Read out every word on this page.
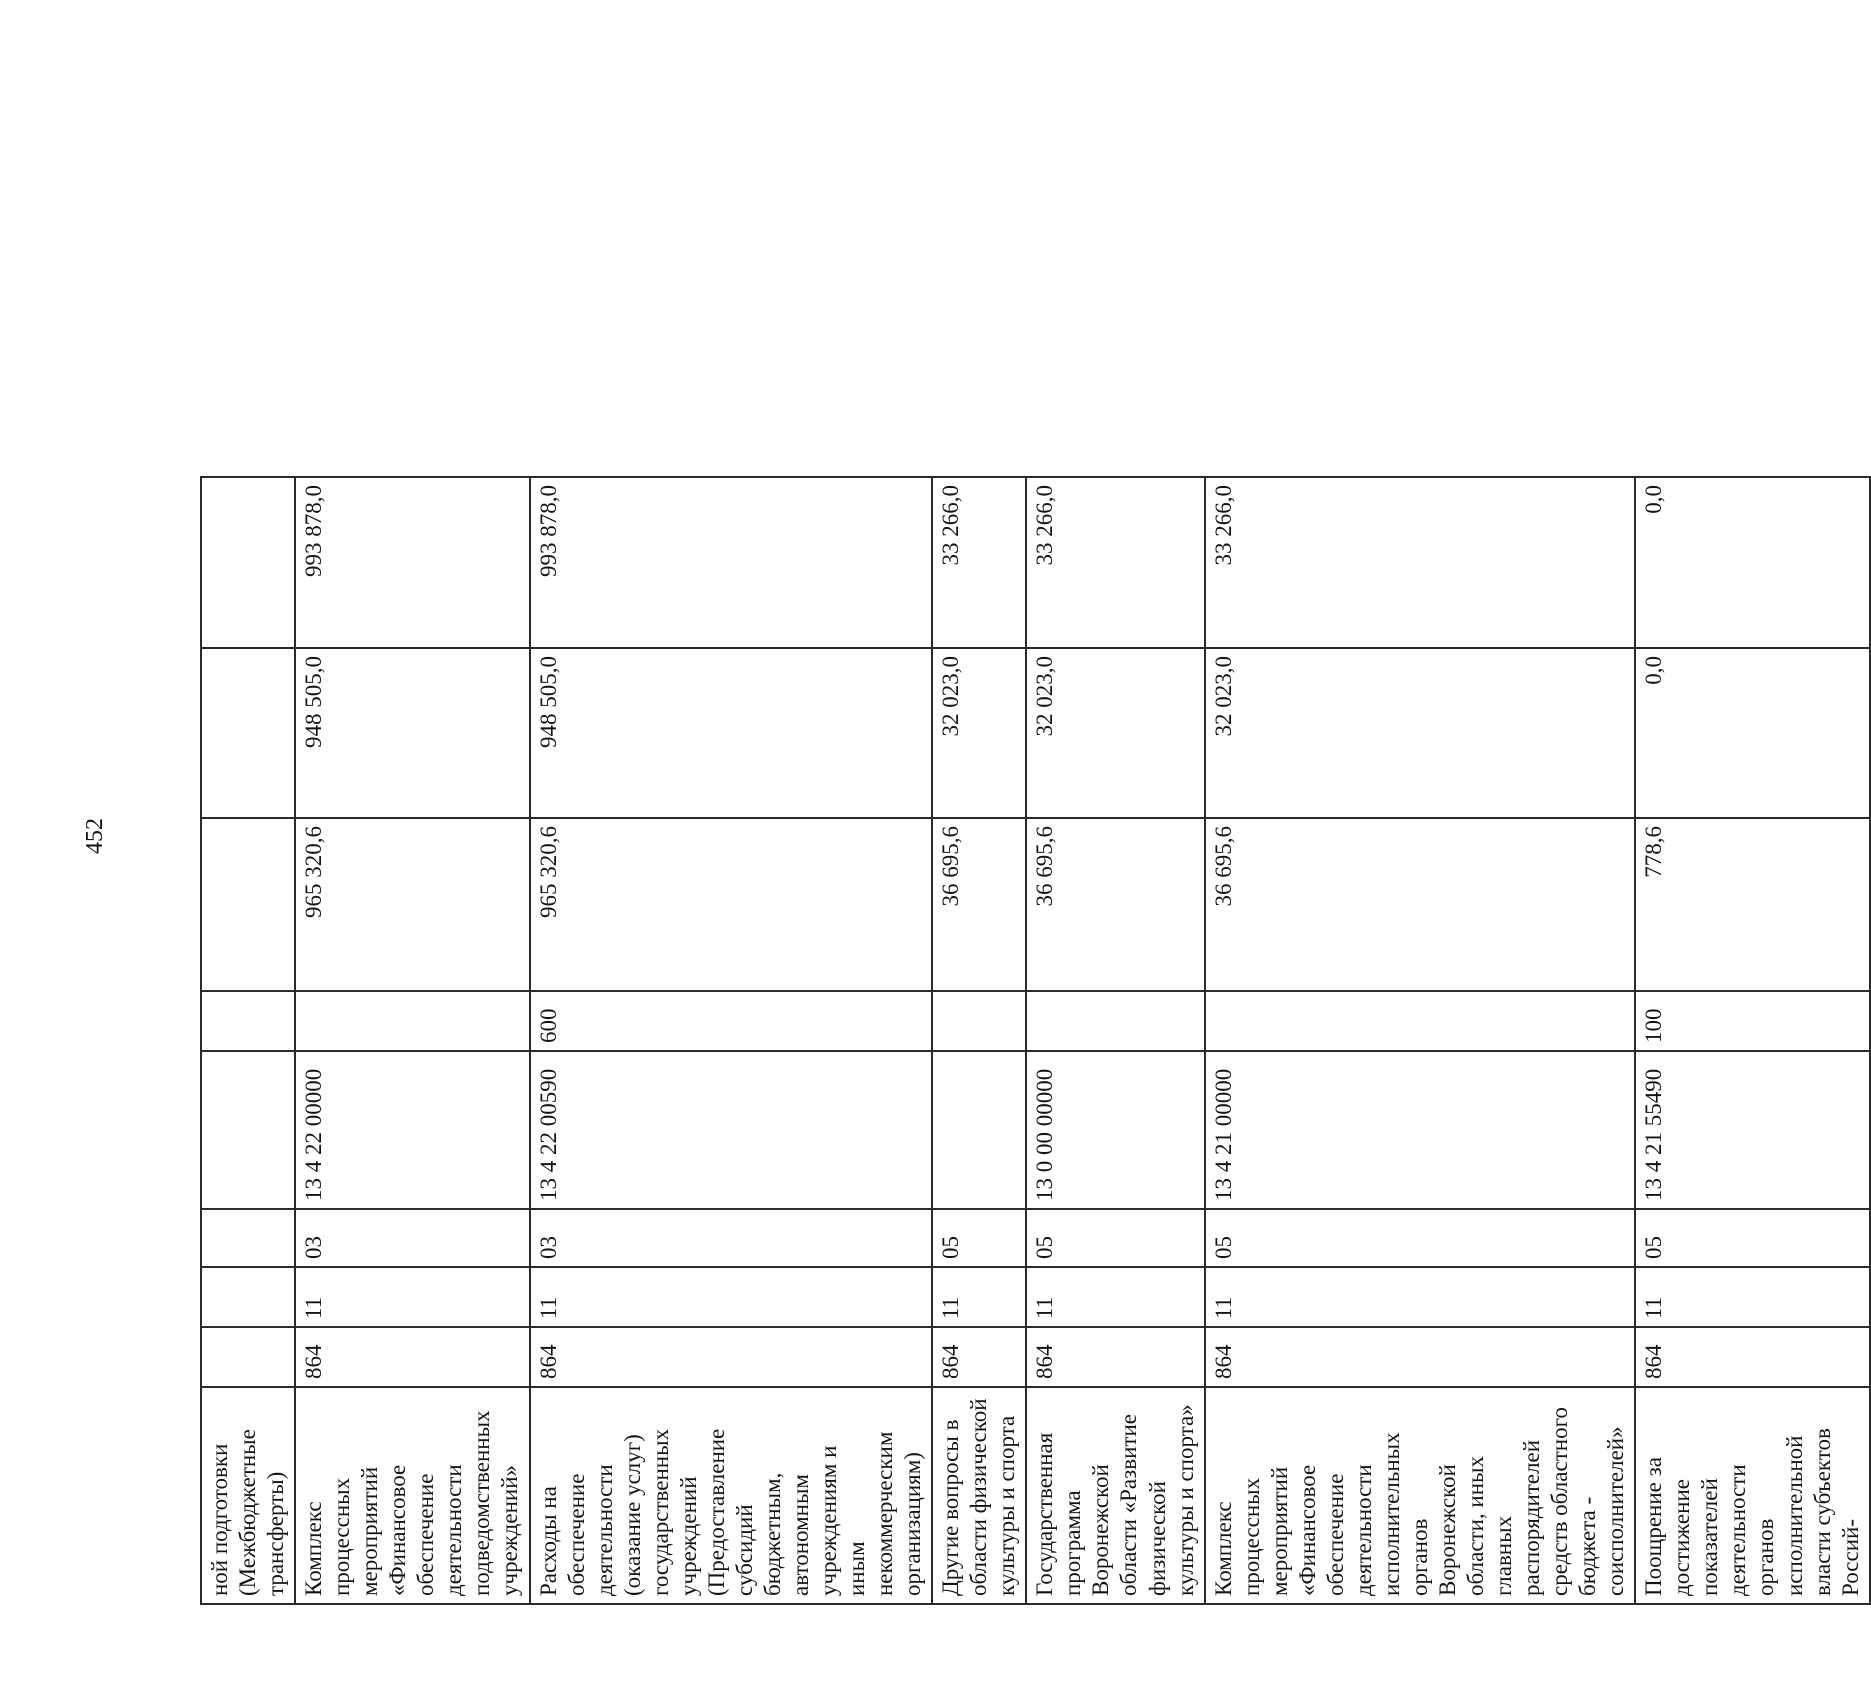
452
ной подготовки (Межбюджетные трансферты)								
Комплекс процессных мероприятий «Финансовое обеспечение деятельности подведомственных учреждений»	864	11	03	13 4 22 00000		965 320,6	948 505,0	993 878,0
Расходы на обеспечение деятельности (оказание услуг) государственных учреждений (Предоставление субсидий бюджетным, автономным учреждениям и иным некоммерческим организациям)	864	11	03	13 4 22 00590	600	965 320,6	948 505,0	993 878,0
Другие вопросы в области физической культуры и спорта	864	11	05			36 695,6	32 023,0	33 266,0
Государственная программа Воронежской области «Развитие физической культуры и спорта»	864	11	05	13 0 00 00000		36 695,6	32 023,0	33 266,0
Комплекс процессных мероприятий «Финансовое обеспечение деятельности исполнительных органов Воронежской области, иных главных распорядителей средств областного бюджета - соисполнителей»	864	11	05	13 4 21 00000		36 695,6	32 023,0	33 266,0
Поощрение за достижение показателей деятельности органов исполнительной власти субъектов Россий-	864	11	05	13 4 21 55490	100	778,6	0,0	0,0
